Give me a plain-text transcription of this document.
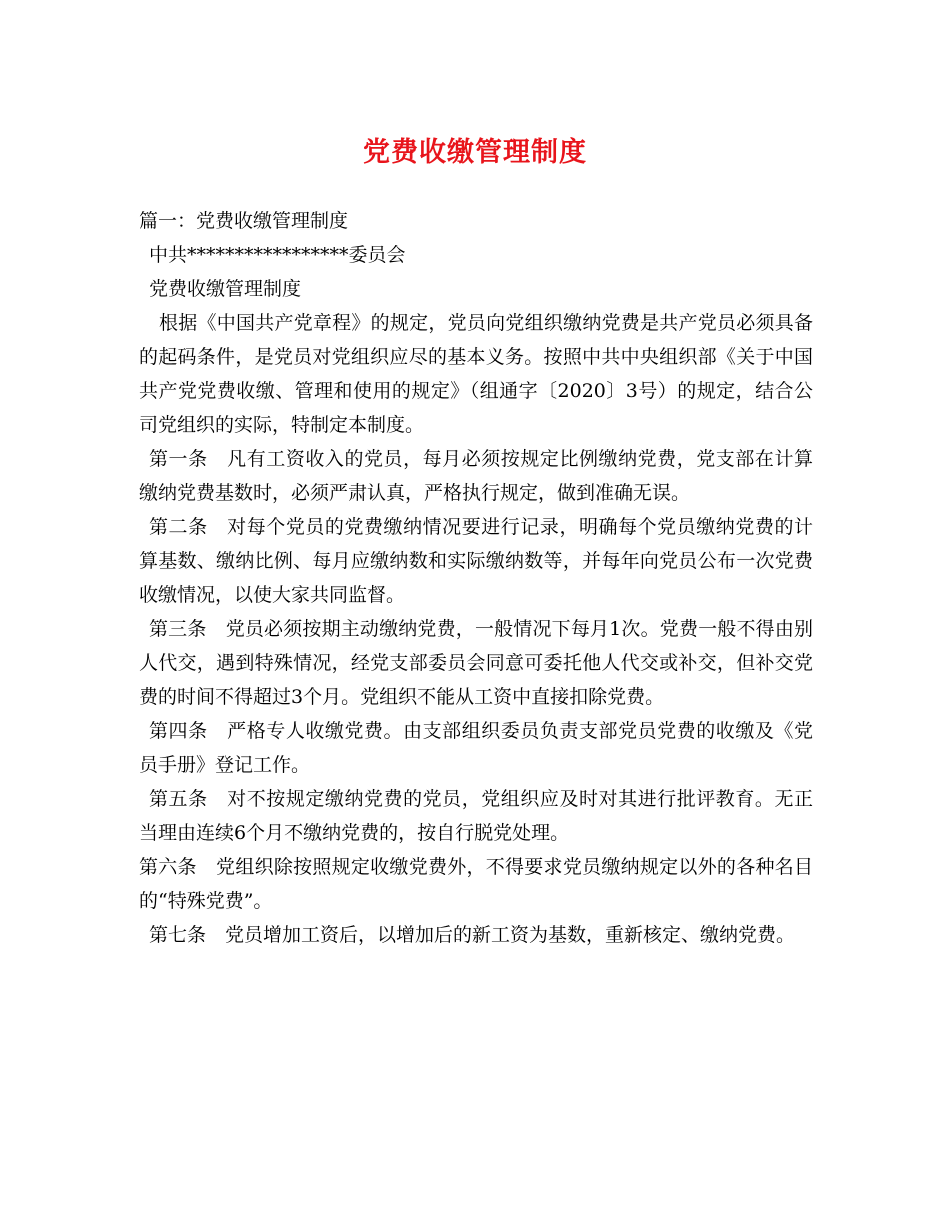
党费收缴管理制度

篇一：党费收缴管理制度

中共*****************委员会

党费收缴管理制度

根据《中国共产党章程》的规定，党员向党组织缴纳党费是共产党员必须具备的起码条件，是党员对党组织应尽的基本义务。按照中共中央组织部《关于中国共产党党费收缴、管理和使用的规定》（组通字〔2020〕3号）的规定，结合公司党组织的实际，特制定本制度。

第一条　凡有工资收入的党员，每月必须按规定比例缴纳党费，党支部在计算缴纳党费基数时，必须严肃认真，严格执行规定，做到准确无误。

第二条　对每个党员的党费缴纳情况要进行记录，明确每个党员缴纳党费的计算基数、缴纳比例、每月应缴纳数和实际缴纳数等，并每年向党员公布一次党费收缴情况，以使大家共同监督。

第三条　党员必须按期主动缴纳党费，一般情况下每月1次。党费一般不得由别人代交，遇到特殊情况，经党支部委员会同意可委托他人代交或补交，但补交党费的时间不得超过3个月。党组织不能从工资中直接扣除党费。

第四条　严格专人收缴党费。由支部组织委员负责支部党员党费的收缴及《党员手册》登记工作。

第五条　对不按规定缴纳党费的党员，党组织应及时对其进行批评教育。无正当理由连续6个月不缴纳党费的，按自行脱党处理。

第六条　党组织除按照规定收缴党费外，不得要求党员缴纳规定以外的各种名目的“特殊党费”。

第七条　党员增加工资后，以增加后的新工资为基数，重新核定、缴纳党费。
